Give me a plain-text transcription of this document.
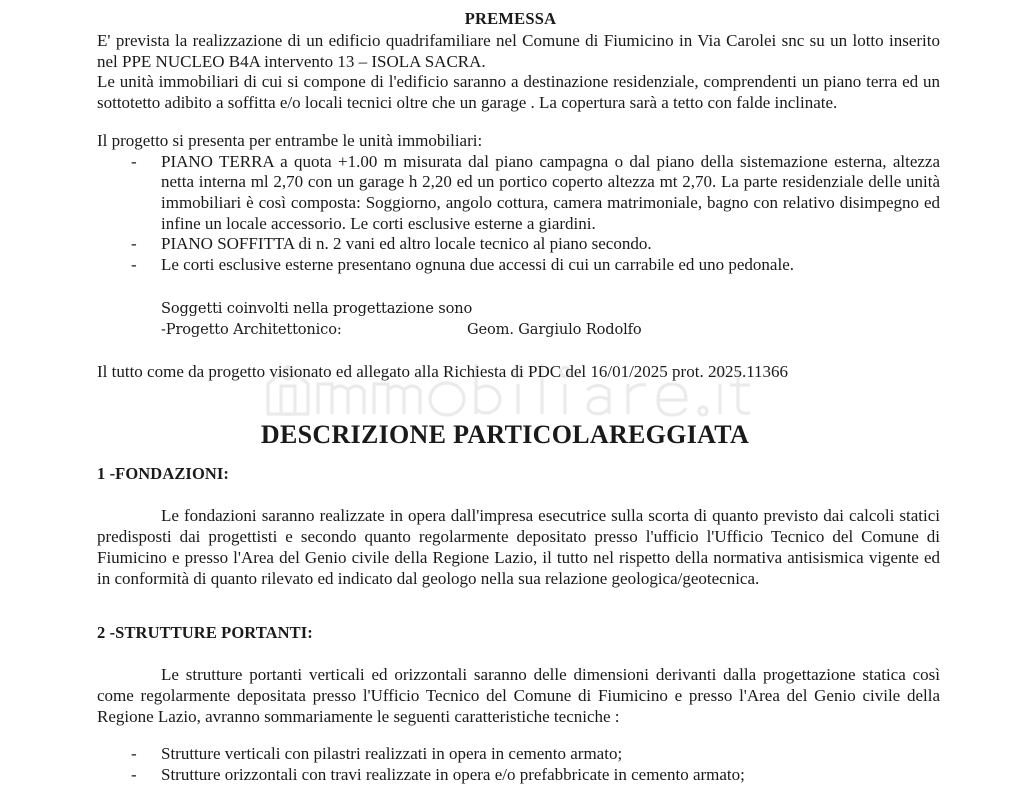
PREMESSA

E' prevista la realizzazione di un edificio quadrifamiliare nel Comune di Fiumicino in Via Carolei snc su un lotto inserito nel PPE NUCLEO B4A intervento 13 – ISOLA SACRA.

Le unità immobiliari di cui si compone di l'edificio saranno a destinazione residenziale, comprendenti un piano terra ed un sottotetto adibito a soffitta e/o locali tecnici oltre che un garage . La copertura sarà a tetto con falde inclinate.

Il progetto si presenta per entrambe le unità immobiliari:

- PIANO TERRA a quota +1.00 m misurata dal piano campagna o dal piano della sistemazione esterna, altezza netta interna ml 2,70 con un garage h 2,20 ed un portico coperto altezza mt 2,70. La parte residenziale delle unità immobiliari è così composta: Soggiorno, angolo cottura, camera matrimoniale, bagno con relativo disimpegno ed infine un locale accessorio. Le corti esclusive esterne a giardini.
- PIANO SOFFITTA di n. 2 vani ed altro locale tecnico al piano secondo.
- Le corti esclusive esterne presentano ognuna due accessi di cui un carrabile ed uno pedonale.
Soggetti coinvolti nella progettazione sono
-Progetto Architettonico:	Geom. Gargiulo Rodolfo

Il tutto come da progetto visionato ed allegato alla Richiesta di PDC del 16/01/2025 prot. 2025.11366

DESCRIZIONE PARTICOLAREGGIATA
1 -FONDAZIONI:

Le fondazioni saranno realizzate in opera dall'impresa esecutrice sulla scorta di quanto previsto dai calcoli statici predisposti dai progettisti e secondo quanto regolarmente depositato presso l'ufficio l'Ufficio Tecnico del Comune di Fiumicino e presso l'Area del Genio civile della Regione Lazio, il tutto nel rispetto della normativa antisismica vigente ed in conformità di quanto rilevato ed indicato dal geologo nella sua relazione geologica/geotecnica.

2 -STRUTTURE PORTANTI:

Le strutture portanti verticali ed orizzontali saranno delle dimensioni derivanti dalla progettazione statica così come regolarmente depositata presso l'Ufficio Tecnico del Comune di Fiumicino e presso l'Area del Genio civile della Regione Lazio, avranno sommariamente le seguenti caratteristiche tecniche :

- Strutture verticali con pilastri realizzati in opera in cemento armato;
- Strutture orizzontali con travi realizzate in opera e/o prefabbricate in cemento armato;
